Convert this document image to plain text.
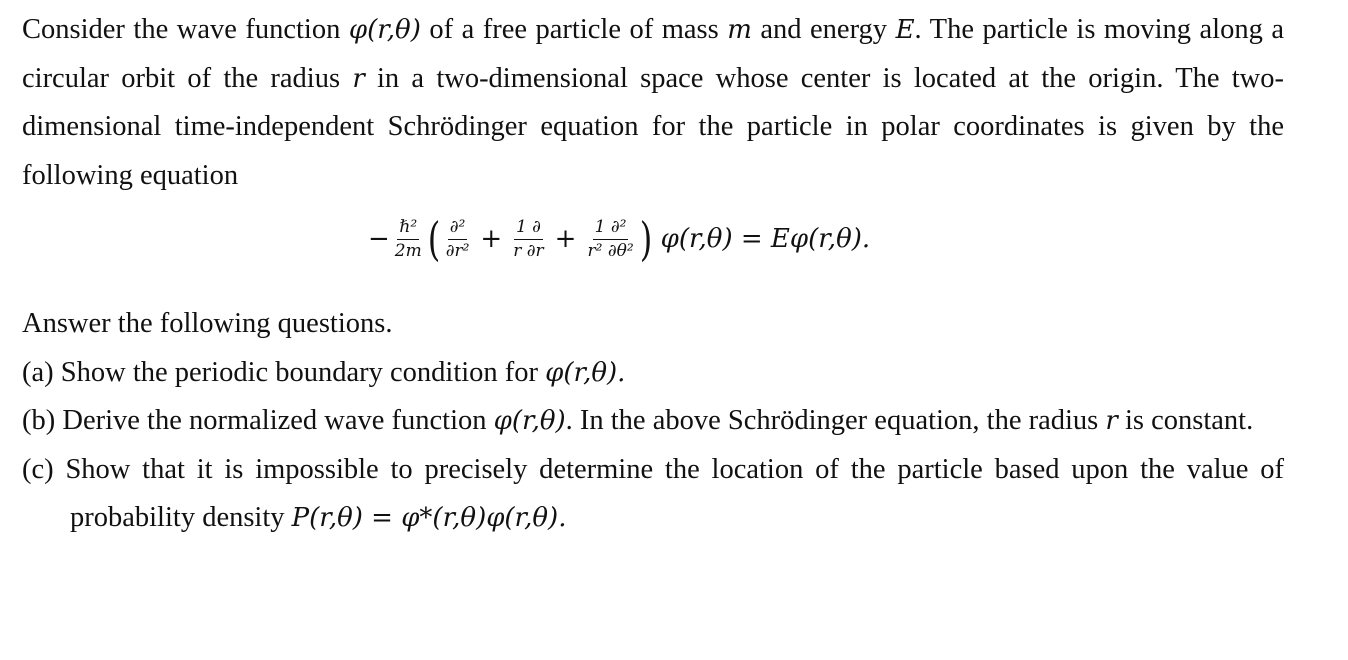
Consider the wave function φ(r,θ) of a free particle of mass m and energy E. The particle is moving along a circular orbit of the radius r in a two-dimensional space whose center is located at the origin. The two-dimensional time-independent Schrödinger equation for the particle in polar coordinates is given by the following equation
− $\frac{\text{ℏ²}}{2m}$ ( $\frac{\text{∂²}}{\text{∂r²}} + \frac{1 \partial}{r \partial r} + \frac{\text{1 ∂²}}{\text{r² ∂θ²}}$ ) φ(r,θ) = Eφ(r,θ).
Answer the following questions.
(a) Show the periodic boundary condition for φ(r,θ).
(b) Derive the normalized wave function φ(r,θ). In the above Schrödinger equation, the radius r is constant.
(c) Show that it is impossible to precisely determine the location of the particle based upon the value of probability density P(r,θ) = φ*(r,θ)φ(r,θ).
